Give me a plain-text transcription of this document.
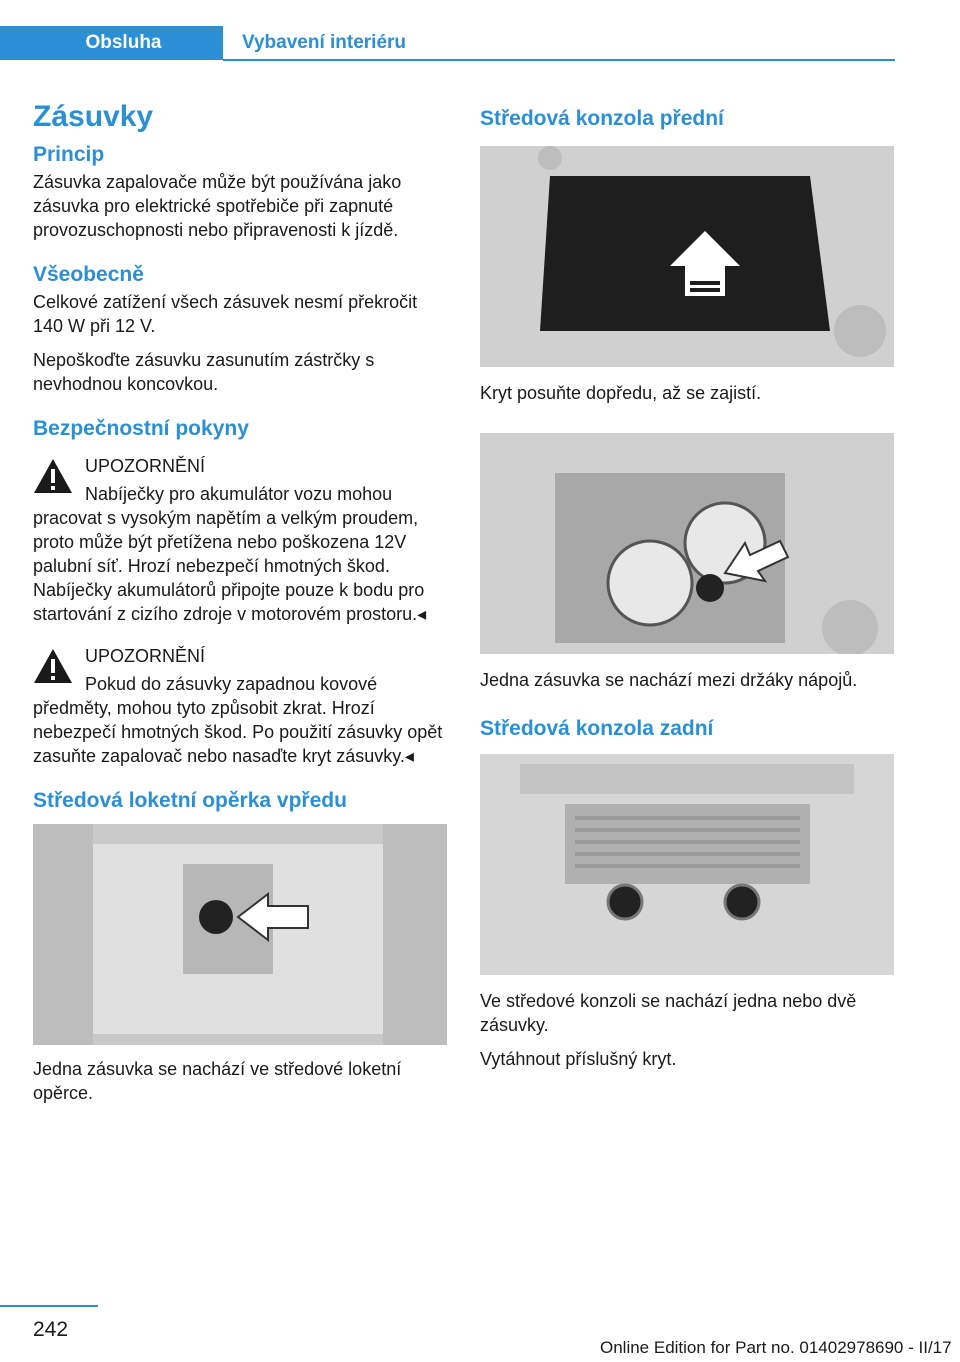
Obsluha	Vybavení interiéru
Zásuvky
Princip

Zásuvka zapalovače může být používána jako zásuvka pro elektrické spotřebiče při zapnuté provozuschopnosti nebo připravenosti k jízdě.

Všeobecně

Celkové zatížení všech zásuvek nesmí překročit 140 W při 12 V.

Nepoškoďte zásuvku zasunutím zástrčky s nevhodnou koncovkou.

Bezpečnostní pokyny
UPOZORNĚNÍ
Nabíječky pro akumulátor vozu mohou pracovat s vysokým napětím a velkým proudem, proto může být přetížena nebo poškozena 12V palubní síť. Hrozí nebezpečí hmotných škod. Nabíječky akumulátorů připojte pouze k bodu pro startování z cizího zdroje v motorovém prostoru.◂
UPOZORNĚNÍ
Pokud do zásuvky zapadnou kovové předměty, mohou tyto způsobit zkrat. Hrozí nebezpečí hmotných škod. Po použití zásuvky opět zasuňte zapalovač nebo nasaďte kryt zásuvky.◂
Středová loketní opěrka vpředu

Jedna zásuvka se nachází ve středové loketní opěrce.

Středová konzola přední

Kryt posuňte dopředu, až se zajistí.

Jedna zásuvka se nachází mezi držáky nápojů.

Středová konzola zadní

Ve středové konzoli se nachází jedna nebo dvě zásuvky.

Vytáhnout příslušný kryt.

242
Online Edition for Part no. 01402978690 - II/17
